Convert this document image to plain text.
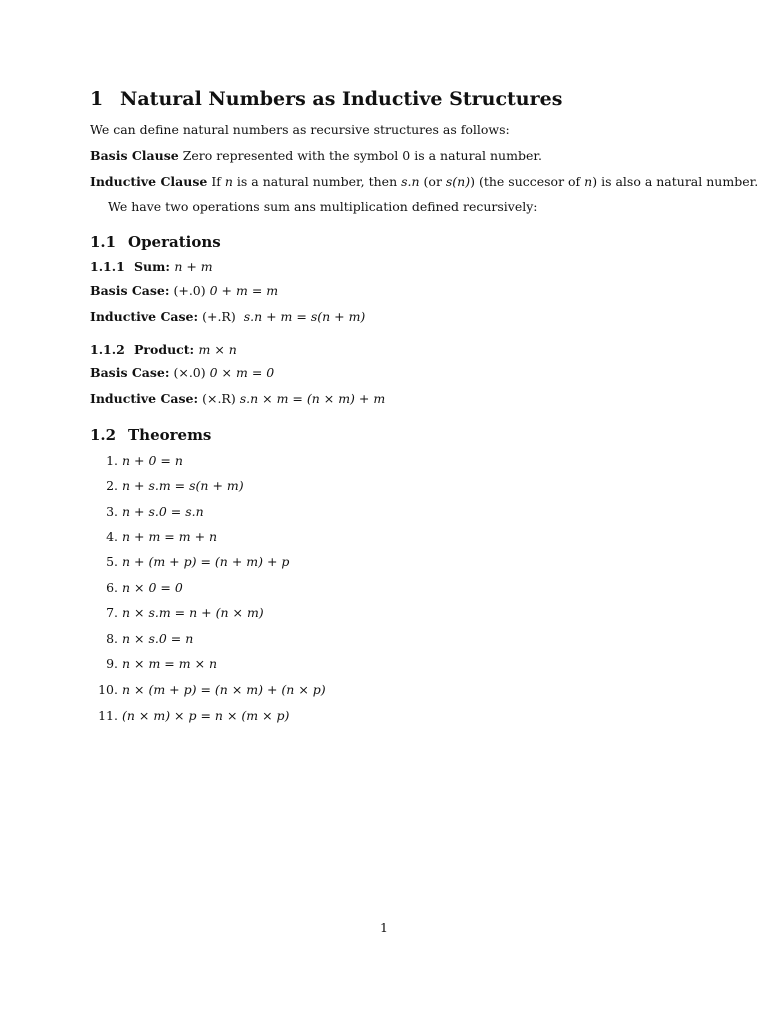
1 Natural Numbers as Inductive Structures
We can define natural numbers as recursive structures as follows:
Basis Clause Zero represented with the symbol 0 is a natural number.
Inductive Clause If n is a natural number, then s.n (or s(n)) (the succesor of n) is also a natural number.
We have two operations sum ans multiplication defined recursively:
1.1 Operations
1.1.1 Sum: n + m
Basis Case: (+.0) 0 + m = m
Inductive Case: (+.R) s.n + m = s(n + m)
1.1.2 Product: m × n
Basis Case: (×.0) 0 × m = 0
Inductive Case: (×.R) s.n × m = (n × m) + m
1.2 Theorems
1. n + 0 = n
2. n + s.m = s(n + m)
3. n + s.0 = s.n
4. n + m = m + n
5. n + (m + p) = (n + m) + p
6. n × 0 = 0
7. n × s.m = n + (n × m)
8. n × s.0 = n
9. n × m = m × n
10. n × (m + p) = (n × m) + (n × p)
11. (n × m) × p = n × (m × p)
1
